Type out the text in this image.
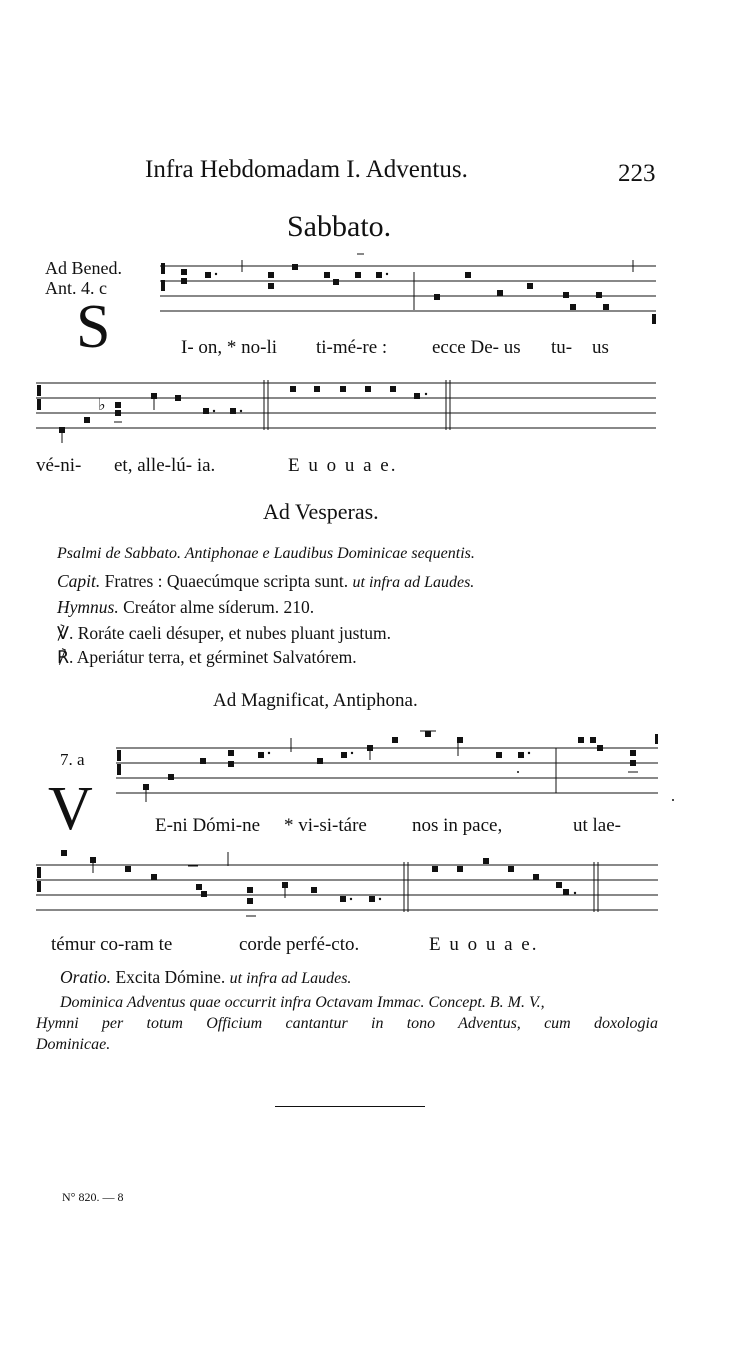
Infra Hebdomadam I. Adventus.	223
Sabbato.
Ad Bened.
Ant. 4. c
S	I- on, * no-li ti-mé-re : ecce De- us tu- us
♭
vé-ni- et, alle-lú- ia.	E u o u a e.
Ad Vesperas.
Psalmi de Sabbato. Antiphonae e Laudibus Dominicae sequentis.
Capit. Fratres : Quaecúmque scripta sunt. ut infra ad Laudes.
Hymnus. Creátor alme síderum. 210.
℣. Roráte caeli désuper, et nubes pluant justum.
℟. Aperiátur terra, et gérminet Salvatórem.
Ad Magnificat, Antiphona.
7. a
V	E-ni Dómi-ne * vi-si-táre nos in pace,	ut lae-
témur co-ram te	corde perfé-cto.	E u o u a e.
Oratio. Excita Dómine. ut infra ad Laudes.
Dominica Adventus quae occurrit infra Octavam Immac. Concept. B. M. V.,
Hymni per totum Officium cantantur in tono Adventus, cum doxologia
Dominicae.
N° 820. — 8
